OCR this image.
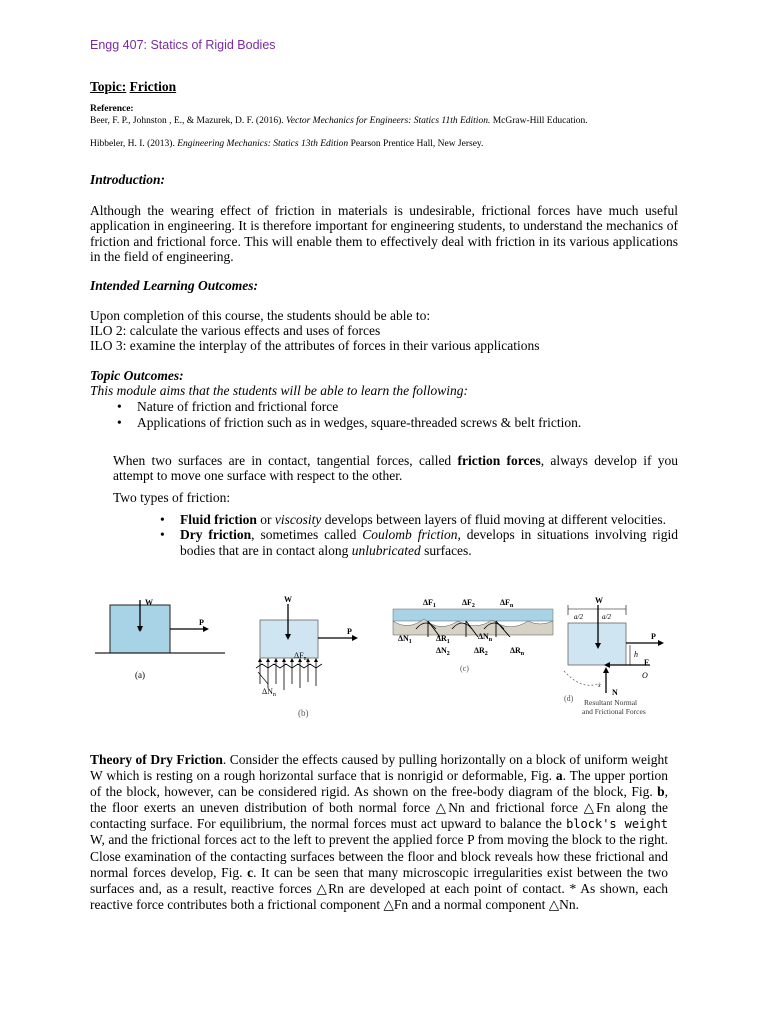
Engg 407: Statics of Rigid Bodies
Topic: Friction
Reference:
Beer, F. P., Johnston , E., & Mazurek, D. F. (2016). Vector Mechanics for Engineers: Statics 11th Edition. McGraw-Hill Education.
Hibbeler, H. I. (2013). Engineering Mechanics: Statics 13th Edition Pearson Prentice Hall, New Jersey.
Introduction:
Although the wearing effect of friction in materials is undesirable, frictional forces have much useful application in engineering. It is therefore important for engineering students, to understand the mechanics of friction and frictional force. This will enable them to effectively deal with friction in its various applications in the field of engineering.
Intended Learning Outcomes:
Upon completion of this course, the students should be able to:
ILO 2: calculate the various effects and uses of forces
ILO 3: examine the interplay of the attributes of forces in their various applications
Topic Outcomes:
This module aims that the students will be able to learn the following:
• Nature of friction and frictional force
• Applications of friction such as in wedges, square-threaded screws & belt friction.
When two surfaces are in contact, tangential forces, called friction forces, always develop if you attempt to move one surface with respect to the other.
Two types of friction:
• Fluid friction or viscosity develops between layers of fluid moving at different velocities.
• Dry friction, sometimes called Coulomb friction, develops in situations involving rigid bodies that are in contact along unlubricated surfaces.
W
P
(a)
W
P
$\Delta F_n$
$\Delta N_n$
(b)
$\Delta F_1$	$\Delta F_2$	$\Delta F_n$
$\Delta N_1$	$\Delta R_1$
$\Delta N_n$
$\Delta N_2$	$\Delta R_2$	$\Delta R_n$
(c)
W
a/2	a/2
P
h
F
O
N
x
Resultant Normal
and Frictional Forces
(d)
Theory of Dry Friction. Consider the effects caused by pulling horizontally on a block of uniform weight W which is resting on a rough horizontal surface that is nonrigid or deformable, Fig. a. The upper portion of the block, however, can be considered rigid. As shown on the free-body diagram of the block, Fig. b, the floor exerts an uneven distribution of both normal force △Nn and frictional force △Fn along the contacting surface. For equilibrium, the normal forces must act upward to balance the block's weight W, and the frictional forces act to the left to prevent the applied force P from moving the block to the right. Close examination of the contacting surfaces between the floor and block reveals how these frictional and normal forces develop, Fig. c. It can be seen that many microscopic irregularities exist between the two surfaces and, as a result, reactive forces △Rn are developed at each point of contact. * As shown, each reactive force contributes both a frictional component △Fn and a normal component △Nn.
